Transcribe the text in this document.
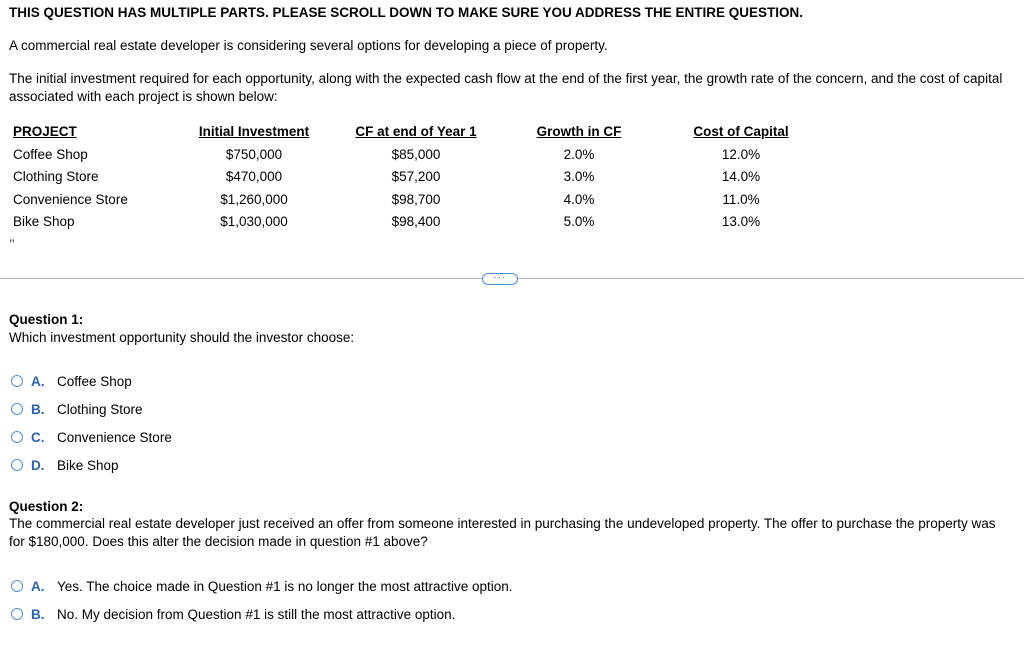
THIS QUESTION HAS MULTIPLE PARTS. PLEASE SCROLL DOWN TO MAKE SURE YOU ADDRESS THE ENTIRE QUESTION.
A commercial real estate developer is considering several options for developing a piece of property.
The initial investment required for each opportunity, along with the expected cash flow at the end of the first year, the growth rate of the concern, and the cost of capital associated with each project is shown below:
PROJECT	Initial Investment	CF at end of Year 1	Growth in CF	Cost of Capital
Coffee Shop	$750,000	$85,000	2.0%	12.0%
Clothing Store	$470,000	$57,200	3.0%	14.0%
Convenience Store	$1,260,000	$98,700	4.0%	11.0%
Bike Shop	$1,030,000	$98,400	5.0%	13.0%
’’                                          
···
Question 1:
Which investment opportunity should the investor choose:
A. Coffee Shop
B. Clothing Store
C. Convenience Store
D. Bike Shop
Question 2:
The commercial real estate developer just received an offer from someone interested in purchasing the undeveloped property. The offer to purchase the property was for $180,000. Does this alter the decision made in question #1 above?
A. Yes. The choice made in Question #1 is no longer the most attractive option.
B. No. My decision from Question #1 is still the most attractive option.
